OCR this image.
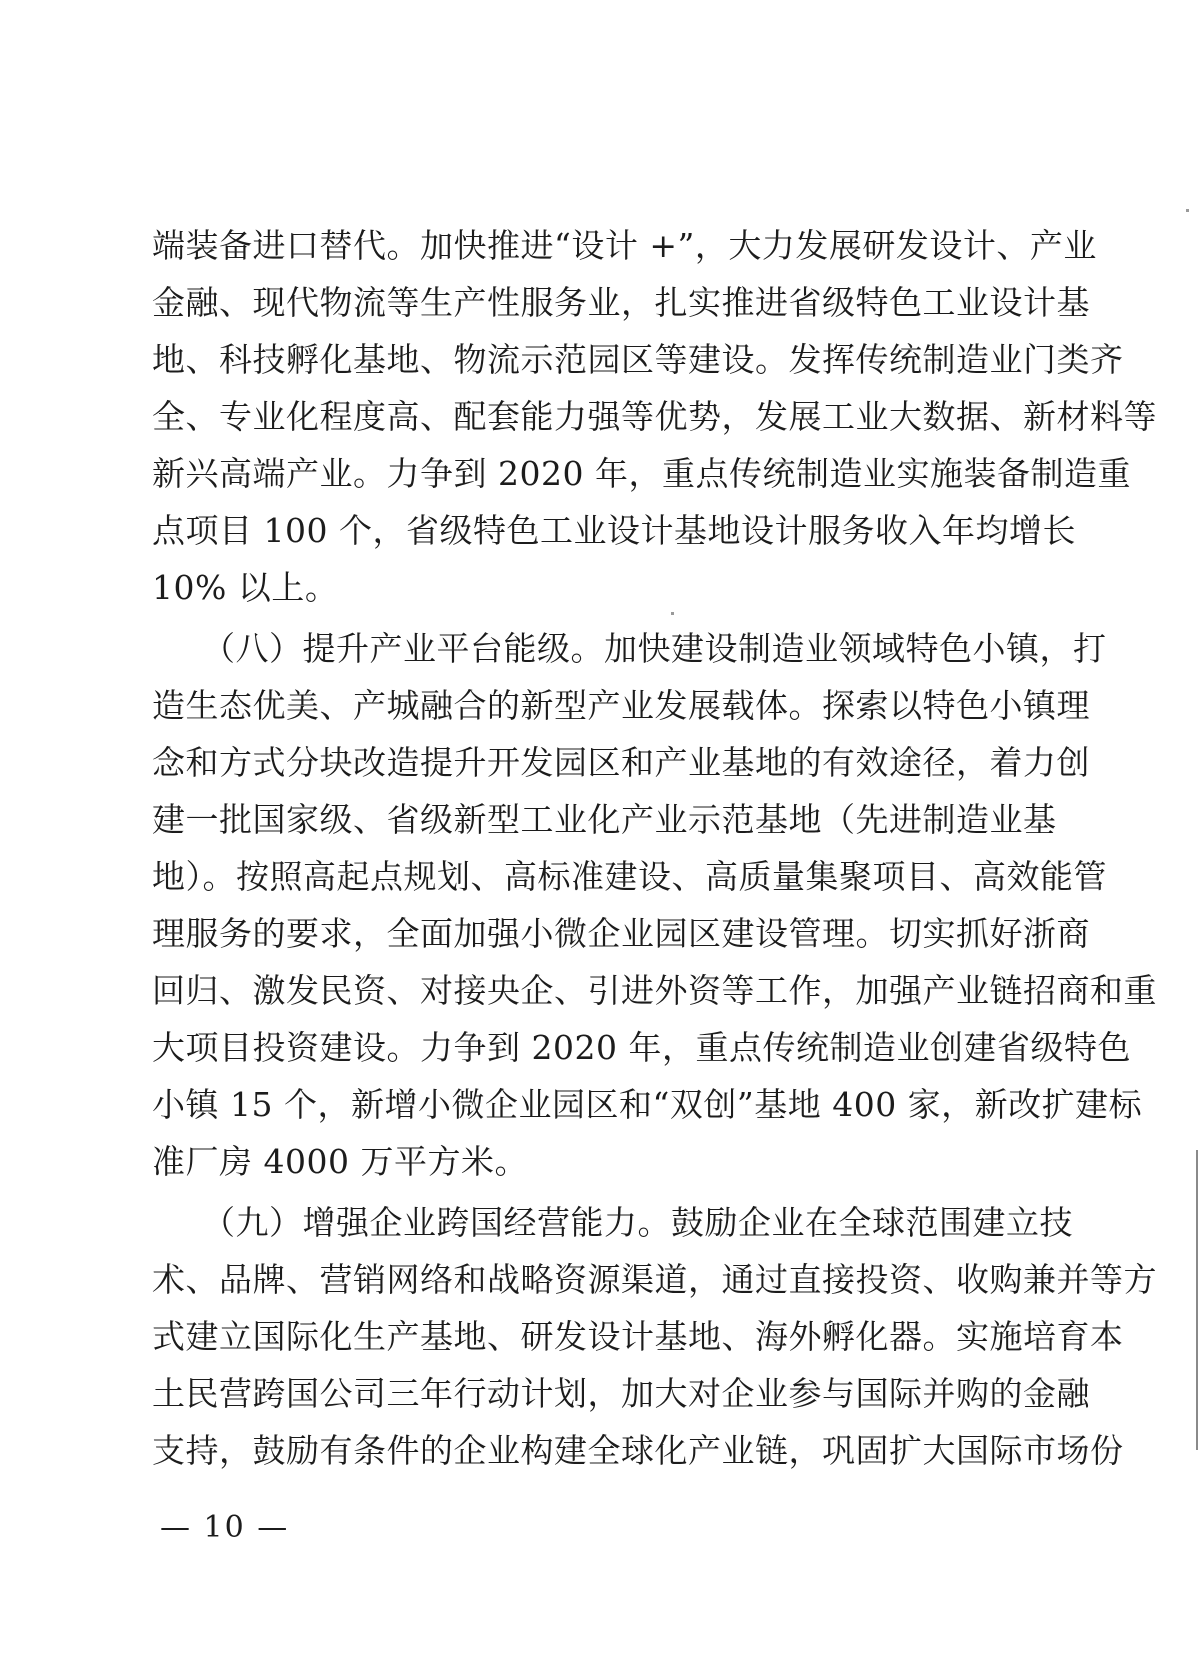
端装备进口替代。加快推进“设计 +”，大力发展研发设计、产业
金融、现代物流等生产性服务业，扎实推进省级特色工业设计基
地、科技孵化基地、物流示范园区等建设。发挥传统制造业门类齐
全、专业化程度高、配套能力强等优势，发展工业大数据、新材料等
新兴高端产业。力争到 2020 年，重点传统制造业实施装备制造重
点项目 100 个，省级特色工业设计基地设计服务收入年均增长
10% 以上。
（八）提升产业平台能级。加快建设制造业领域特色小镇，打
造生态优美、产城融合的新型产业发展载体。探索以特色小镇理
念和方式分块改造提升开发园区和产业基地的有效途径，着力创
建一批国家级、省级新型工业化产业示范基地（先进制造业基
地）。按照高起点规划、高标准建设、高质量集聚项目、高效能管
理服务的要求，全面加强小微企业园区建设管理。切实抓好浙商
回归、激发民资、对接央企、引进外资等工作，加强产业链招商和重
大项目投资建设。力争到 2020 年，重点传统制造业创建省级特色
小镇 15 个，新增小微企业园区和“双创”基地 400 家，新改扩建标
准厂房 4000 万平方米。
（九）增强企业跨国经营能力。鼓励企业在全球范围建立技
术、品牌、营销网络和战略资源渠道，通过直接投资、收购兼并等方
式建立国际化生产基地、研发设计基地、海外孵化器。实施培育本
土民营跨国公司三年行动计划，加大对企业参与国际并购的金融
支持，鼓励有条件的企业构建全球化产业链，巩固扩大国际市场份
— 10 —
